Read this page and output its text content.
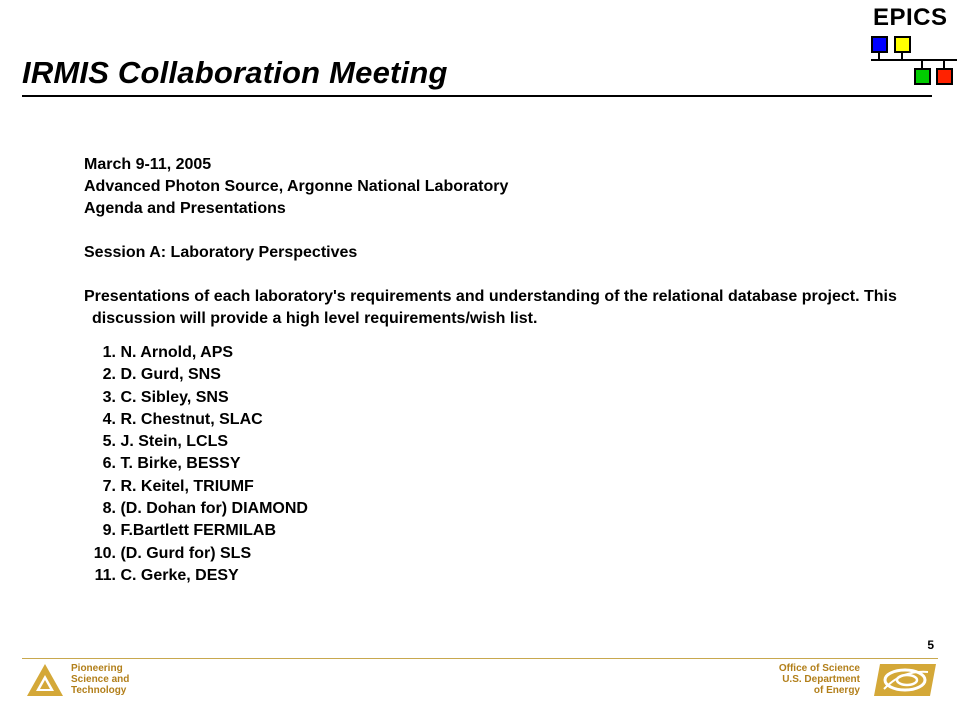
IRMIS Collaboration Meeting
EPICS

March 9-11, 2005

Advanced Photon Source, Argonne National Laboratory

Agenda and Presentations

Session A: Laboratory Perspectives

Presentations of each laboratory's requirements and understanding of the relational database project. This discussion will provide a high level requirements/wish list.

1. N. Arnold, APS
2. D. Gurd, SNS
3. C. Sibley, SNS
4. R. Chestnut, SLAC
5. J. Stein, LCLS
6. T. Birke, BESSY
7. R. Keitel, TRIUMF
8. (D. Dohan for) DIAMOND
9. F.Bartlett FERMILAB
10. (D. Gurd for) SLS
11. C. Gerke, DESY
5
Pioneering
Science and
Technology
Office of Science
U.S. Department
of Energy
